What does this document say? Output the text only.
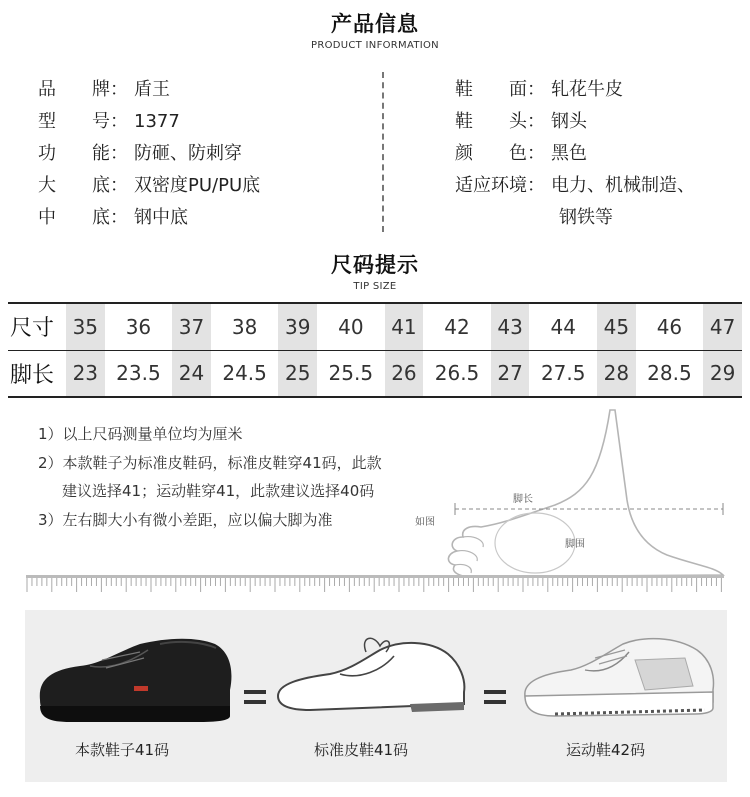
产品信息
PRODUCT INFORMATION
品　　牌： 盾王
型　　号： 1377
功　　能： 防砸、防刺穿
大　　底： 双密度PU/PU底
中　　底： 钢中底
鞋　　面： 轧花牛皮
鞋　　头： 钢头
颜　　色： 黑色
适应环境： 电力、机械制造、
钢铁等
尺码提示
TIP SIZE
尺寸	35	36	37	38	39	40	41	42	43	44	45	46	47
脚长	23	23.5	24	24.5	25	25.5	26	26.5	27	27.5	28	28.5	29
1）以上尺码测量单位均为厘米
2）本款鞋子为标准皮鞋码，标准皮鞋穿41码，此款
建议选择41；运动鞋穿41，此款建议选择40码
3）左右脚大小有微小差距，应以偏大脚为准
脚长
脚围
如图
本款鞋子41码	标准皮鞋41码	运动鞋42码
